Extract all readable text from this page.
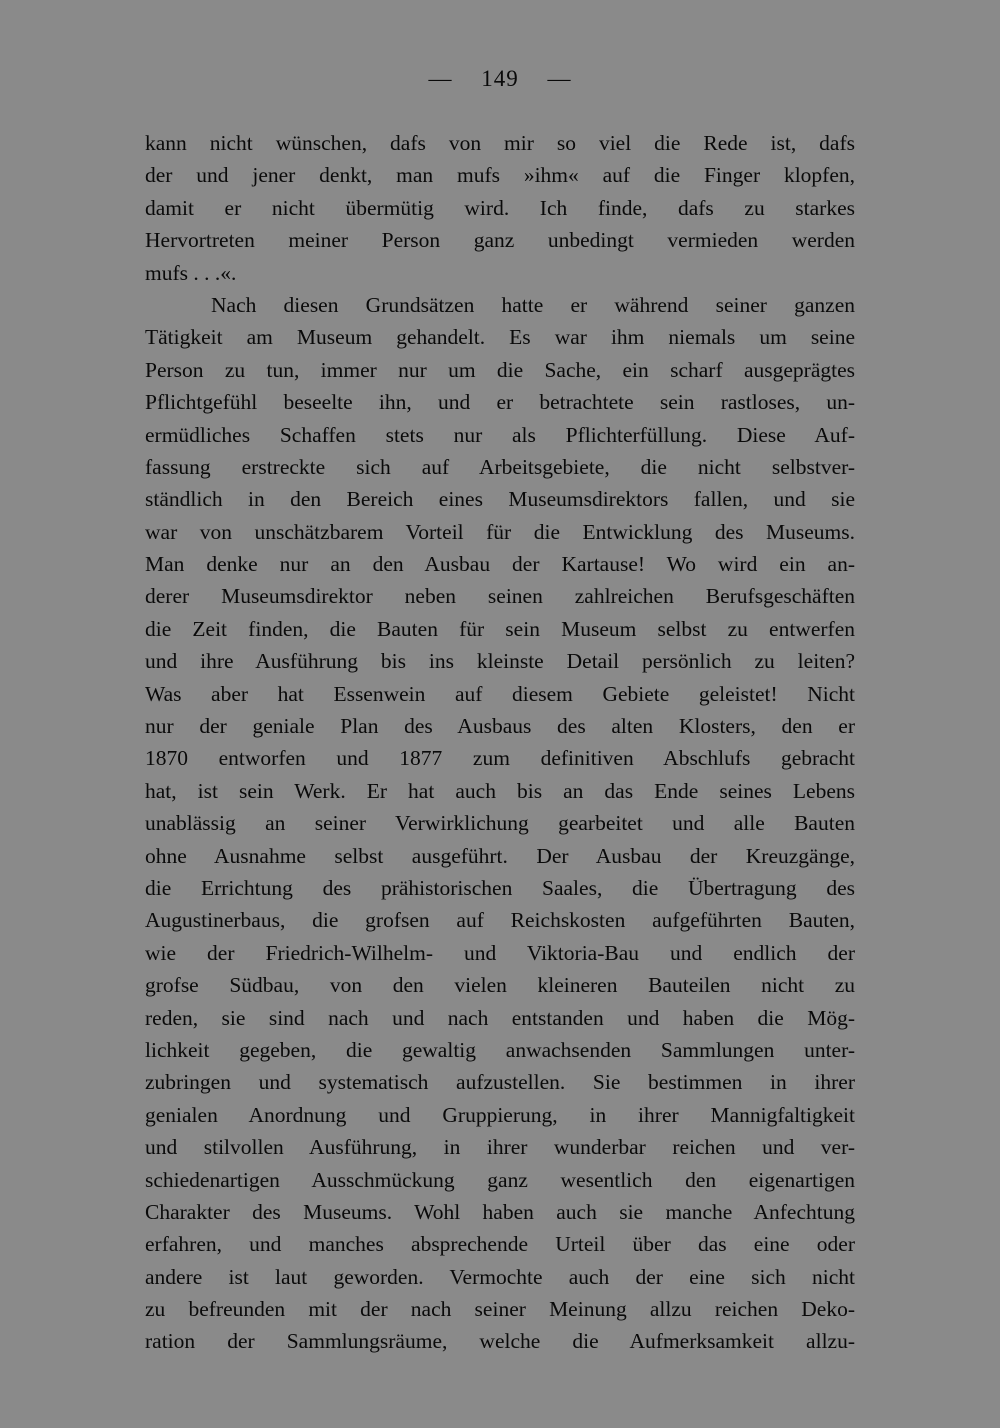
— 149 —
kann nicht wünschen, dafs von mir so viel die Rede ist, dafs
der und jener denkt, man mufs »ihm« auf die Finger klopfen,
damit er nicht übermütig wird. Ich finde, dafs zu starkes
Hervortreten meiner Person ganz unbedingt vermieden werden
mufs . . .«.
Nach diesen Grundsätzen hatte er während seiner ganzen
Tätigkeit am Museum gehandelt. Es war ihm niemals um seine
Person zu tun, immer nur um die Sache, ein scharf ausgeprägtes
Pflichtgefühl beseelte ihn, und er betrachtete sein rastloses, un-
ermüdliches Schaffen stets nur als Pflichterfüllung. Diese Auf-
fassung erstreckte sich auf Arbeitsgebiete, die nicht selbstver-
ständlich in den Bereich eines Museumsdirektors fallen, und sie
war von unschätzbarem Vorteil für die Entwicklung des Museums.
Man denke nur an den Ausbau der Kartause! Wo wird ein an-
derer Museumsdirektor neben seinen zahlreichen Berufsgeschäften
die Zeit finden, die Bauten für sein Museum selbst zu entwerfen
und ihre Ausführung bis ins kleinste Detail persönlich zu leiten?
Was aber hat Essenwein auf diesem Gebiete geleistet! Nicht
nur der geniale Plan des Ausbaus des alten Klosters, den er
1870 entworfen und 1877 zum definitiven Abschlufs gebracht
hat, ist sein Werk. Er hat auch bis an das Ende seines Lebens
unablässig an seiner Verwirklichung gearbeitet und alle Bauten
ohne Ausnahme selbst ausgeführt. Der Ausbau der Kreuzgänge,
die Errichtung des prähistorischen Saales, die Übertragung des
Augustinerbaus, die grofsen auf Reichskosten aufgeführten Bauten,
wie der Friedrich-Wilhelm- und Viktoria-Bau und endlich der
grofse Südbau, von den vielen kleineren Bauteilen nicht zu
reden, sie sind nach und nach entstanden und haben die Mög-
lichkeit gegeben, die gewaltig anwachsenden Sammlungen unter-
zubringen und systematisch aufzustellen. Sie bestimmen in ihrer
genialen Anordnung und Gruppierung, in ihrer Mannigfaltigkeit
und stilvollen Ausführung, in ihrer wunderbar reichen und ver-
schiedenartigen Ausschmückung ganz wesentlich den eigenartigen
Charakter des Museums. Wohl haben auch sie manche Anfechtung
erfahren, und manches absprechende Urteil über das eine oder
andere ist laut geworden. Vermochte auch der eine sich nicht
zu befreunden mit der nach seiner Meinung allzu reichen Deko-
ration der Sammlungsräume, welche die Aufmerksamkeit allzu-
